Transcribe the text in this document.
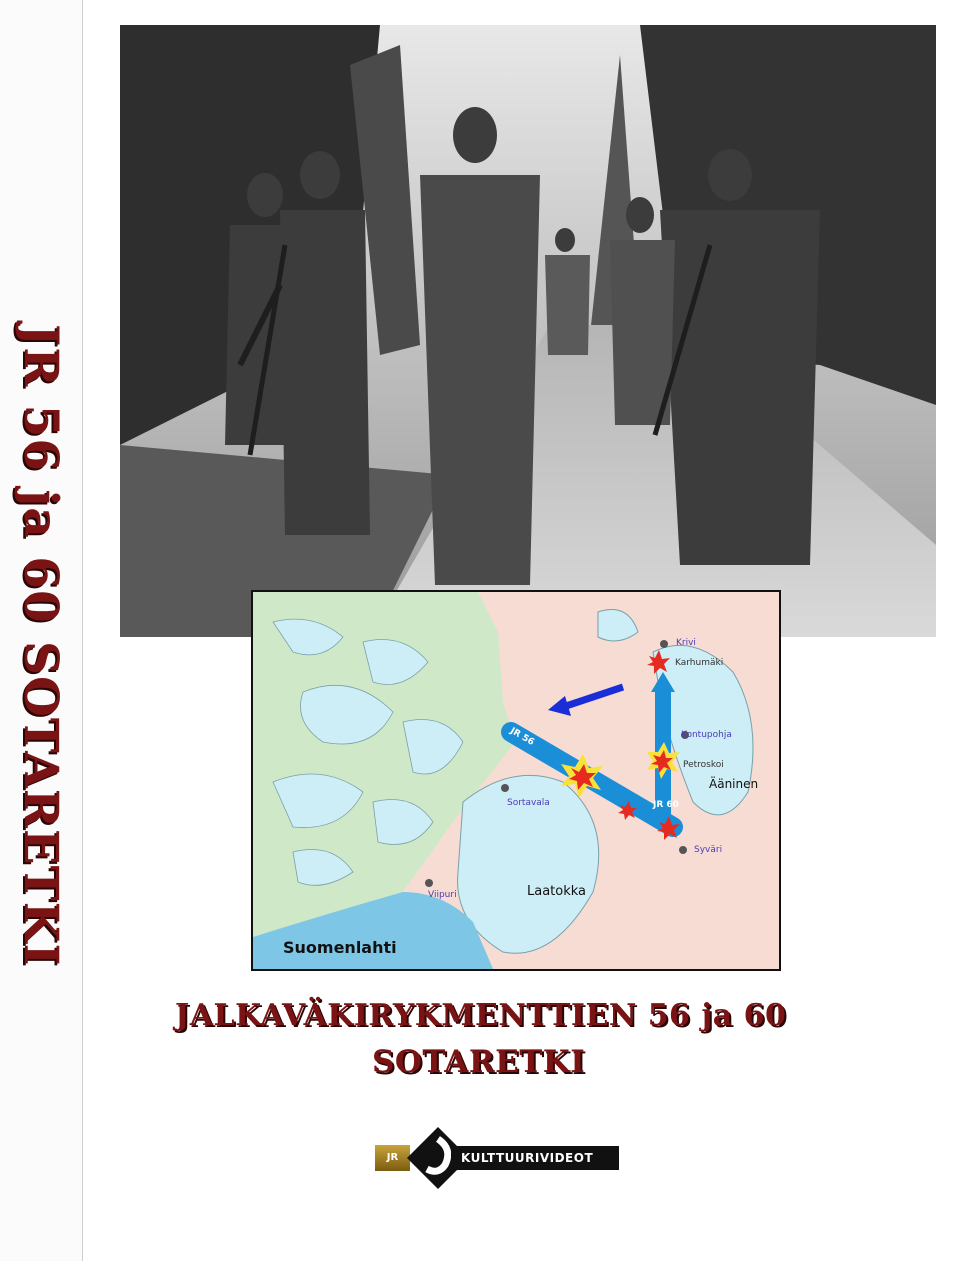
JR 56 ja 60 SOTARETKI	Krivi
Karhumäki
Kontupohja
Petroskoi
Ääninen
Sortavala
Syväri
Viipuri	Laatokka
Suomenlahti
JR 56
JR 60
JALKAVÄKIRYKMENTTIEN 56 ja 60
SOTARETKI
JR	KULTTUURIVIDEOT
